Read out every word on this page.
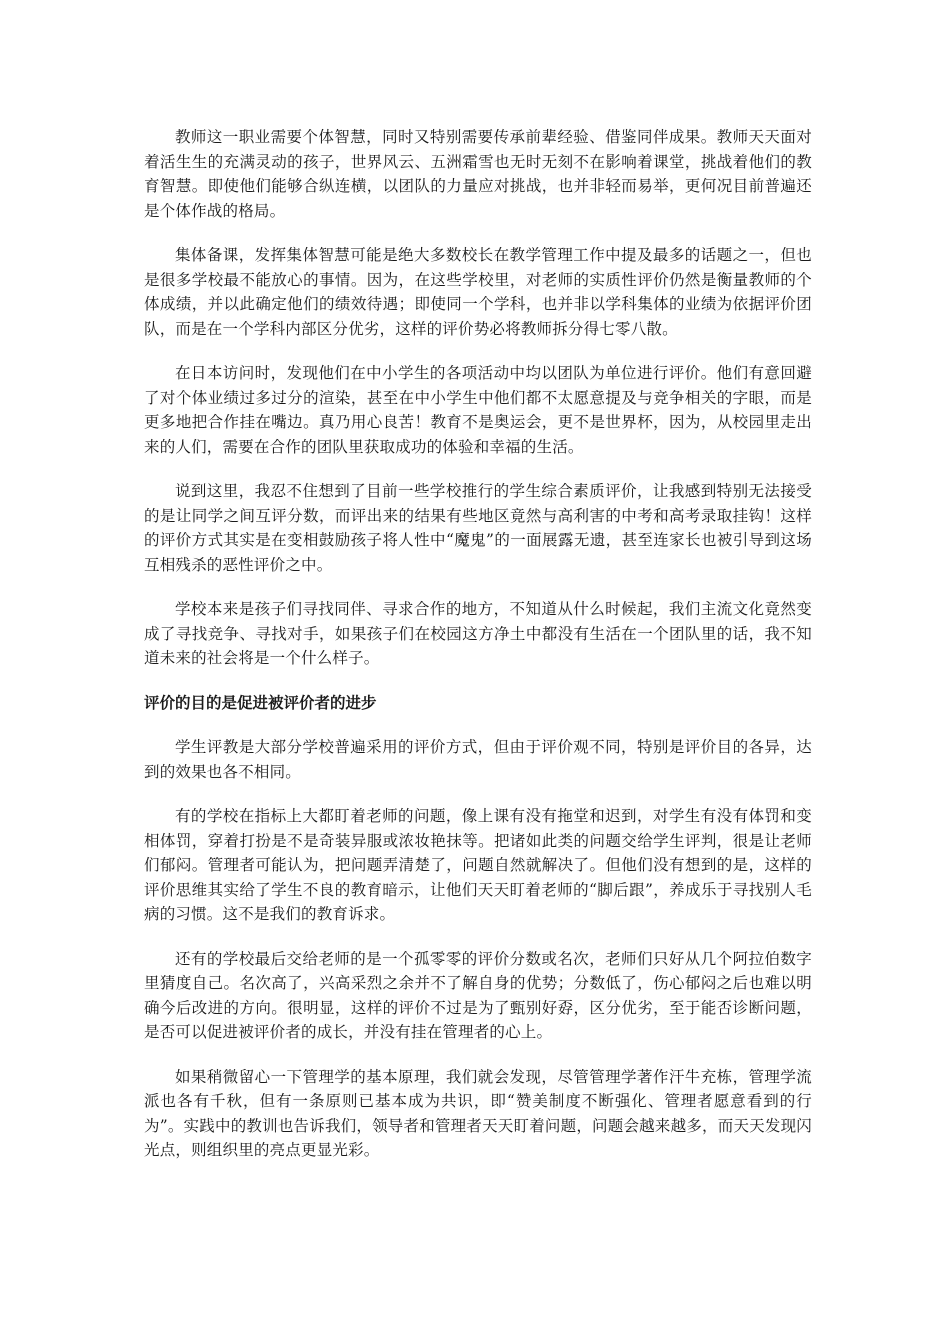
教师这一职业需要个体智慧，同时又特别需要传承前辈经验、借鉴同伴成果。教师天天面对着活生生的充满灵动的孩子，世界风云、五洲霜雪也无时无刻不在影响着课堂，挑战着他们的教育智慧。即使他们能够合纵连横，以团队的力量应对挑战，也并非轻而易举，更何况目前普遍还是个体作战的格局。

集体备课，发挥集体智慧可能是绝大多数校长在教学管理工作中提及最多的话题之一，但也是很多学校最不能放心的事情。因为，在这些学校里，对老师的实质性评价仍然是衡量教师的个体成绩，并以此确定他们的绩效待遇；即使同一个学科，也并非以学科集体的业绩为依据评价团队，而是在一个学科内部区分优劣，这样的评价势必将教师拆分得七零八散。

在日本访问时，发现他们在中小学生的各项活动中均以团队为单位进行评价。他们有意回避了对个体业绩过多过分的渲染，甚至在中小学生中他们都不太愿意提及与竞争相关的字眼，而是更多地把合作挂在嘴边。真乃用心良苦！教育不是奥运会，更不是世界杯，因为，从校园里走出来的人们，需要在合作的团队里获取成功的体验和幸福的生活。

说到这里，我忍不住想到了目前一些学校推行的学生综合素质评价，让我感到特别无法接受的是让同学之间互评分数，而评出来的结果有些地区竟然与高利害的中考和高考录取挂钩！这样的评价方式其实是在变相鼓励孩子将人性中“魔鬼”的一面展露无遗，甚至连家长也被引导到这场互相残杀的恶性评价之中。

学校本来是孩子们寻找同伴、寻求合作的地方，不知道从什么时候起，我们主流文化竟然变成了寻找竞争、寻找对手，如果孩子们在校园这方净土中都没有生活在一个团队里的话，我不知道未来的社会将是一个什么样子。

评价的目的是促进被评价者的进步

学生评教是大部分学校普遍采用的评价方式，但由于评价观不同，特别是评价目的各异，达到的效果也各不相同。

有的学校在指标上大都盯着老师的问题，像上课有没有拖堂和迟到，对学生有没有体罚和变相体罚，穿着打扮是不是奇装异服或浓妆艳抹等。把诸如此类的问题交给学生评判，很是让老师们郁闷。管理者可能认为，把问题弄清楚了，问题自然就解决了。但他们没有想到的是，这样的评价思维其实给了学生不良的教育暗示，让他们天天盯着老师的“脚后跟”，养成乐于寻找别人毛病的习惯。这不是我们的教育诉求。

还有的学校最后交给老师的是一个孤零零的评价分数或名次，老师们只好从几个阿拉伯数字里猜度自己。名次高了，兴高采烈之余并不了解自身的优势；分数低了，伤心郁闷之后也难以明确今后改进的方向。很明显，这样的评价不过是为了甄别好孬，区分优劣，至于能否诊断问题，是否可以促进被评价者的成长，并没有挂在管理者的心上。

如果稍微留心一下管理学的基本原理，我们就会发现，尽管管理学著作汗牛充栋，管理学流派也各有千秋，但有一条原则已基本成为共识，即“赞美制度不断强化、管理者愿意看到的行为”。实践中的教训也告诉我们，领导者和管理者天天盯着问题，问题会越来越多，而天天发现闪光点，则组织里的亮点更显光彩。
